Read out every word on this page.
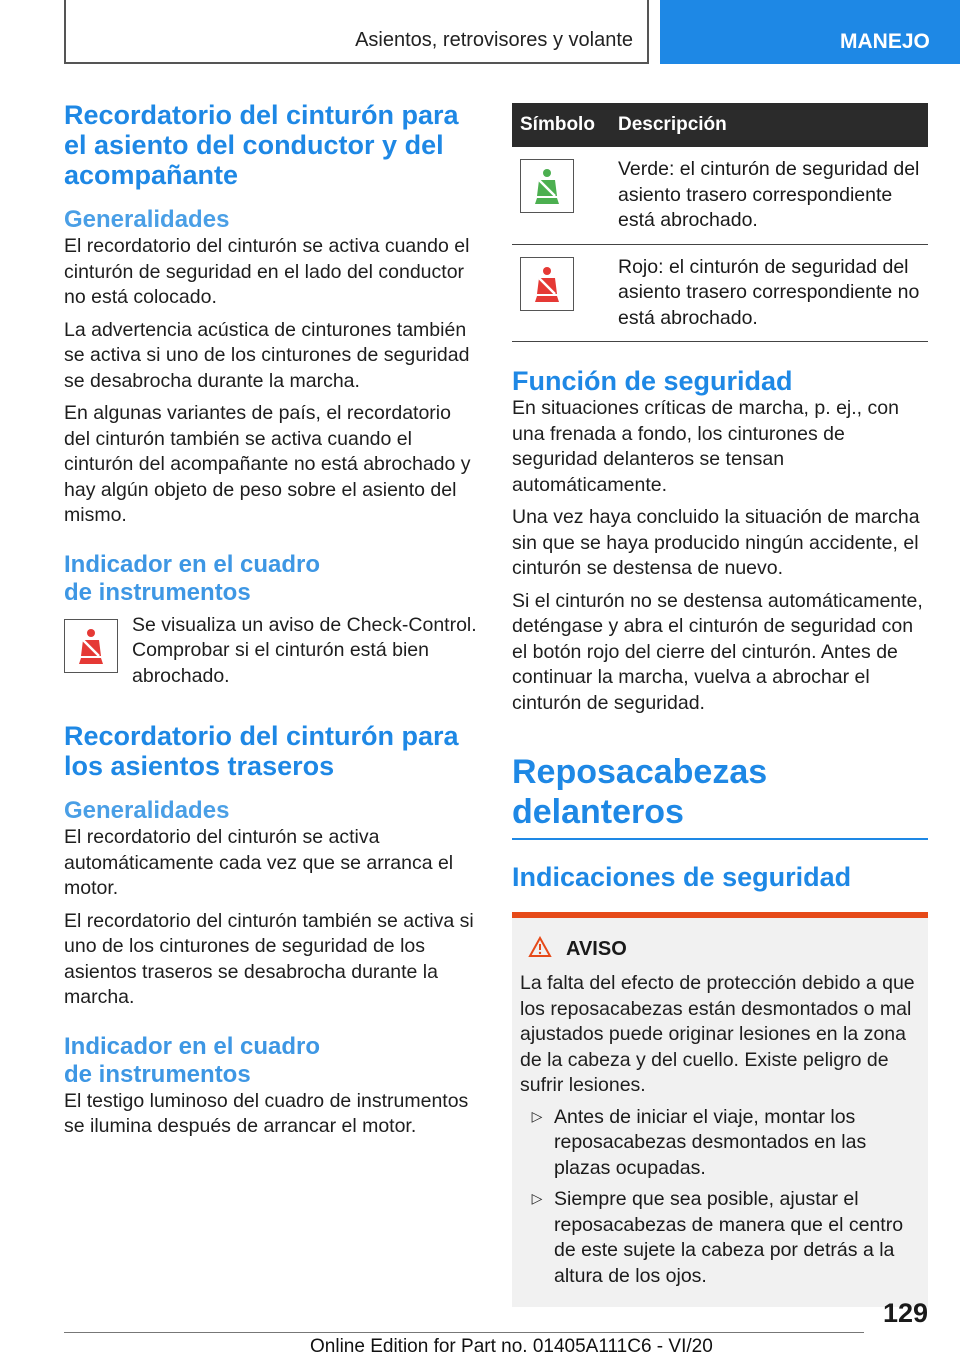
Asientos, retrovisores y volante	MANEJO
Recordatorio del cinturón para el asiento del conductor y del acompañante
Generalidades

El recordatorio del cinturón se activa cuando el cinturón de seguridad en el lado del conductor no está colocado.

La advertencia acústica de cinturones también se activa si uno de los cinturones de seguridad se desabrocha durante la marcha.

En algunas variantes de país, el recordatorio del cinturón también se activa cuando el cinturón del acompañante no está abrochado y hay algún objeto de peso sobre el asiento del mismo.

Indicador en el cuadro de instrumentos

Se visualiza un aviso de Check-Control. Comprobar si el cinturón está bien abrochado.

Recordatorio del cinturón para los asientos traseros
Generalidades

El recordatorio del cinturón se activa automáticamente cada vez que se arranca el motor.

El recordatorio del cinturón también se activa si uno de los cinturones de seguridad de los asientos traseros se desabrocha durante la marcha.

Indicador en el cuadro de instrumentos

El testigo luminoso del cuadro de instrumentos se ilumina después de arrancar el motor.

Símbolo	Descripción

	Verde: el cinturón de seguridad del asiento trasero correspondiente está abrochado.

	Rojo: el cinturón de seguridad del asiento trasero correspondiente no está abrochado.
Función de seguridad

En situaciones críticas de marcha, p. ej., con una frenada a fondo, los cinturones de seguridad delanteros se tensan automáticamente.

Una vez haya concluido la situación de marcha sin que se haya producido ningún accidente, el cinturón se destensa de nuevo.

Si el cinturón no se destensa automáticamente, deténgase y abra el cinturón de seguridad con el botón rojo del cierre del cinturón. Antes de continuar la marcha, vuelva a abrochar el cinturón de seguridad.

Reposacabezas delanteros
Indicaciones de seguridad
AVISO

La falta del efecto de protección debido a que los reposacabezas están desmontados o mal ajustados puede originar lesiones en la zona de la cabeza y del cuello. Existe peligro de sufrir lesiones.

▷ Antes de iniciar el viaje, montar los reposacabezas desmontados en las plazas ocupadas.
▷ Siempre que sea posible, ajustar el reposacabezas de manera que el centro de este sujete la cabeza por detrás a la altura de los ojos.
129
Online Edition for Part no. 01405A111C6 - VI/20
